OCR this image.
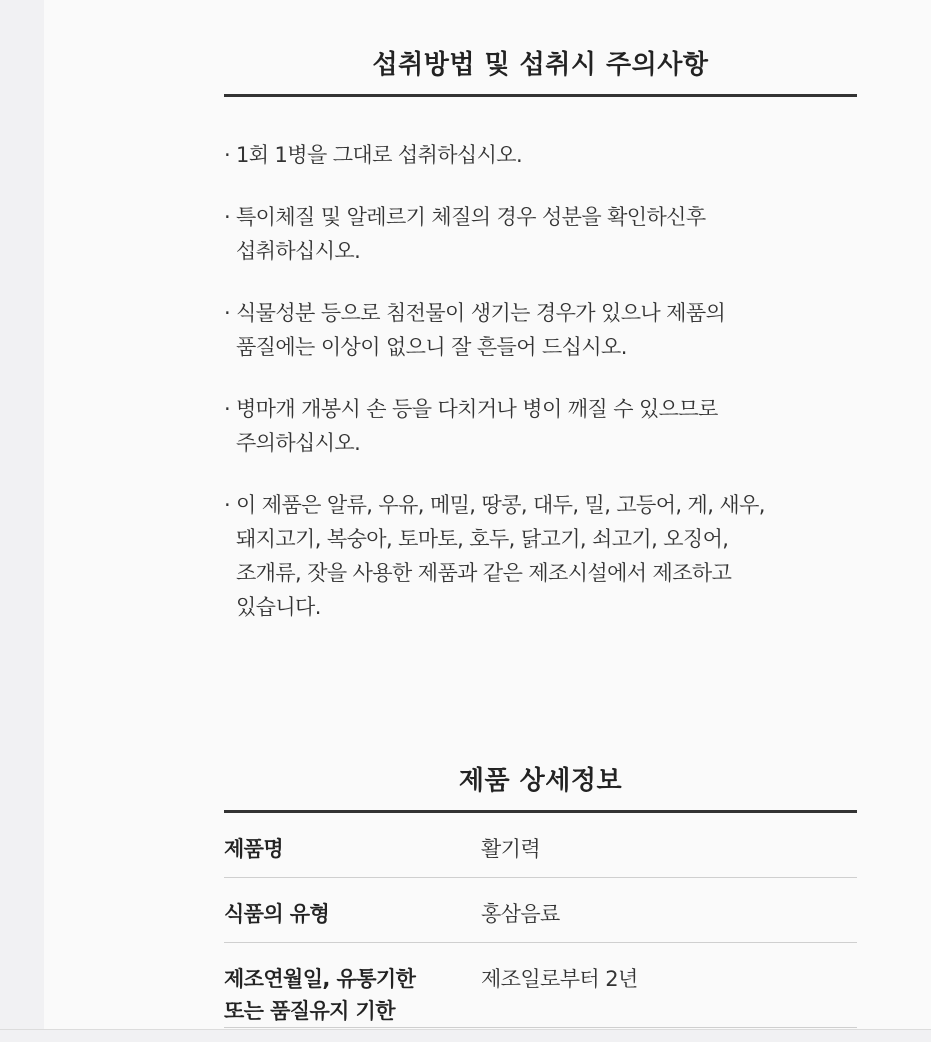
섭취방법 및 섭취시 주의사항
· 1회 1병을 그대로 섭취하십시오.
· 특이체질 및 알레르기 체질의 경우 성분을 확인하신후
섭취하십시오.
· 식물성분 등으로 침전물이 생기는 경우가 있으나 제품의
품질에는 이상이 없으니 잘 흔들어 드십시오.
· 병마개 개봉시 손 등을 다치거나 병이 깨질 수 있으므로
주의하십시오.
· 이 제품은 알류, 우유, 메밀, 땅콩, 대두, 밀, 고등어, 게, 새우,
돼지고기, 복숭아, 토마토, 호두, 닭고기, 쇠고기, 오징어,
조개류, 잣을 사용한 제품과 같은 제조시설에서 제조하고
있습니다.
제품 상세정보
제품명	활기력
식품의 유형	홍삼음료
제조연월일, 유통기한
또는 품질유지 기한	제조일로부터 2년
